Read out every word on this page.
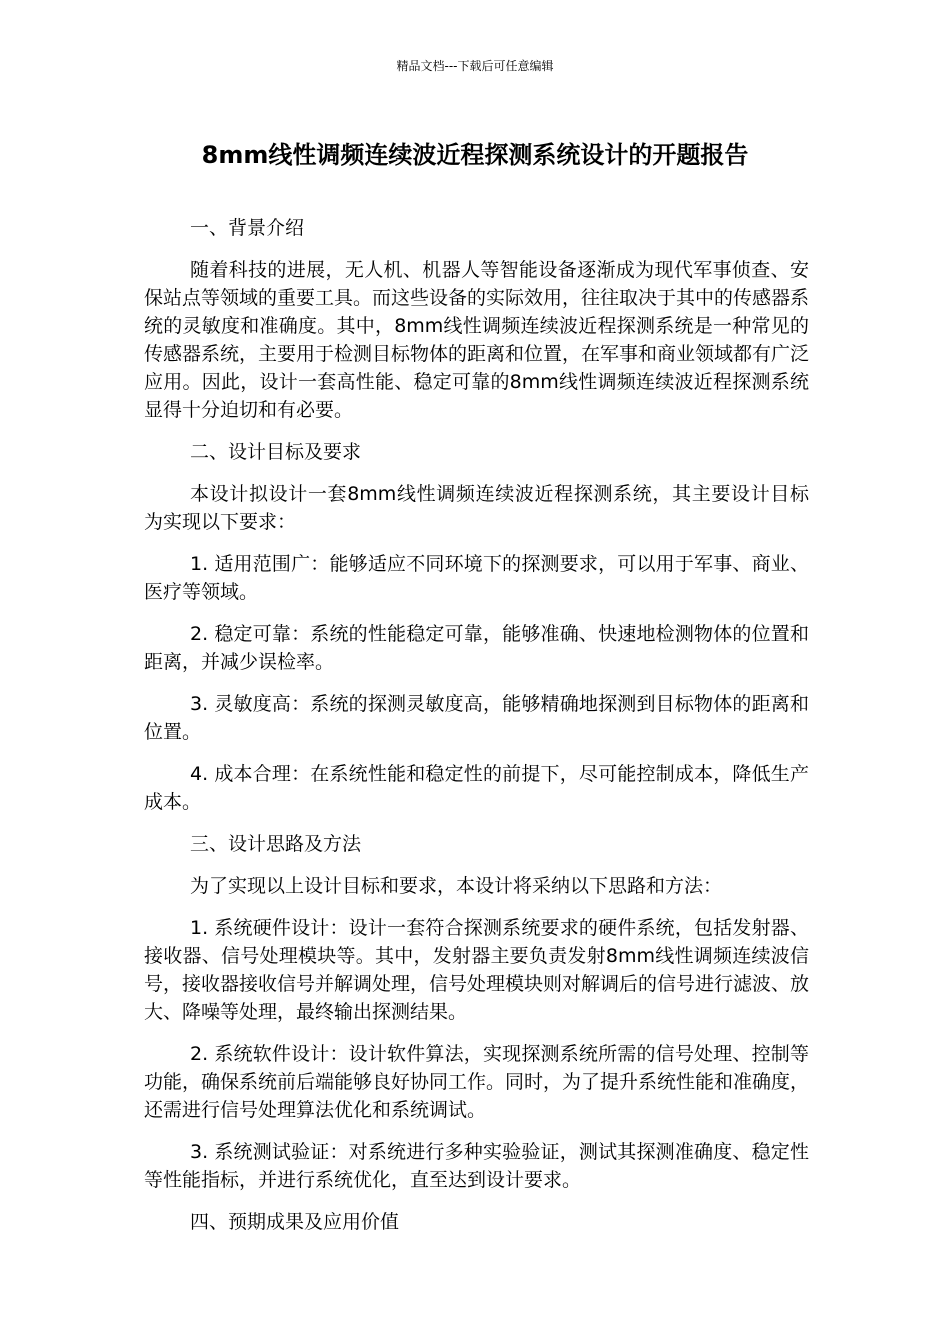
精品文档---下载后可任意编辑
8mm线性调频连续波近程探测系统设计的开题报告

一、背景介绍

随着科技的进展，无人机、机器人等智能设备逐渐成为现代军事侦查、安保站点等领域的重要工具。而这些设备的实际效用，往往取决于其中的传感器系统的灵敏度和准确度。其中，8mm线性调频连续波近程探测系统是一种常见的传感器系统，主要用于检测目标物体的距离和位置，在军事和商业领域都有广泛应用。因此，设计一套高性能、稳定可靠的8mm线性调频连续波近程探测系统显得十分迫切和有必要。

二、设计目标及要求

本设计拟设计一套8mm线性调频连续波近程探测系统，其主要设计目标为实现以下要求：

1. 适用范围广：能够适应不同环境下的探测要求，可以用于军事、商业、医疗等领域。

2. 稳定可靠：系统的性能稳定可靠，能够准确、快速地检测物体的位置和距离，并减少误检率。

3. 灵敏度高：系统的探测灵敏度高，能够精确地探测到目标物体的距离和位置。

4. 成本合理：在系统性能和稳定性的前提下，尽可能控制成本，降低生产成本。

三、设计思路及方法

为了实现以上设计目标和要求，本设计将采纳以下思路和方法：

1. 系统硬件设计：设计一套符合探测系统要求的硬件系统，包括发射器、接收器、信号处理模块等。其中，发射器主要负责发射8mm线性调频连续波信号，接收器接收信号并解调处理，信号处理模块则对解调后的信号进行滤波、放大、降噪等处理，最终输出探测结果。

2. 系统软件设计：设计软件算法，实现探测系统所需的信号处理、控制等功能，确保系统前后端能够良好协同工作。同时，为了提升系统性能和准确度，还需进行信号处理算法优化和系统调试。

3. 系统测试验证：对系统进行多种实验验证，测试其探测准确度、稳定性等性能指标，并进行系统优化，直至达到设计要求。

四、预期成果及应用价值
